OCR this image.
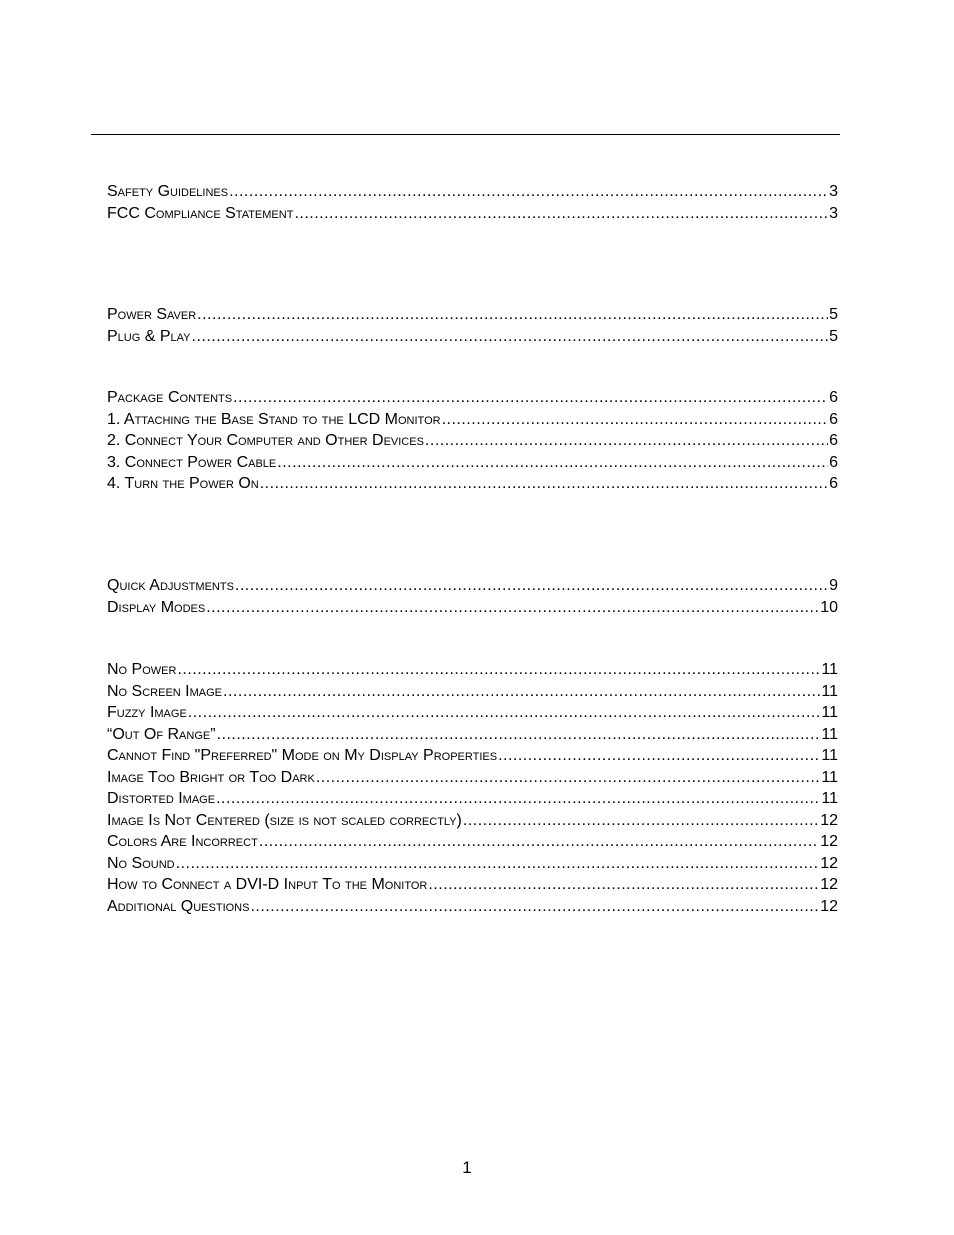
Safety Guidelines .....	3
FCC Compliance Statement .....	3
Power Saver .....	5
Plug & Play .....	5
Package Contents .....	6
1. Attaching the Base Stand to the LCD Monitor .....	6
2. Connect Your Computer and Other Devices .....	6
3. Connect Power Cable .....	6
4. Turn the Power On .....	6
Quick Adjustments .....	9
Display Modes .....	10
No Power .....	11
No Screen Image .....	11
Fuzzy Image .....	11
“Out Of Range” .....	11
Cannot Find "Preferred" Mode on My Display Properties .....	11
Image Too Bright or Too Dark .....	11
Distorted Image .....	11
Image Is Not Centered (size is not scaled correctly) .....	12
Colors Are Incorrect .....	12
No Sound .....	12
How to Connect a DVI-D Input To the Monitor .....	12
Additional Questions .....	12
1
